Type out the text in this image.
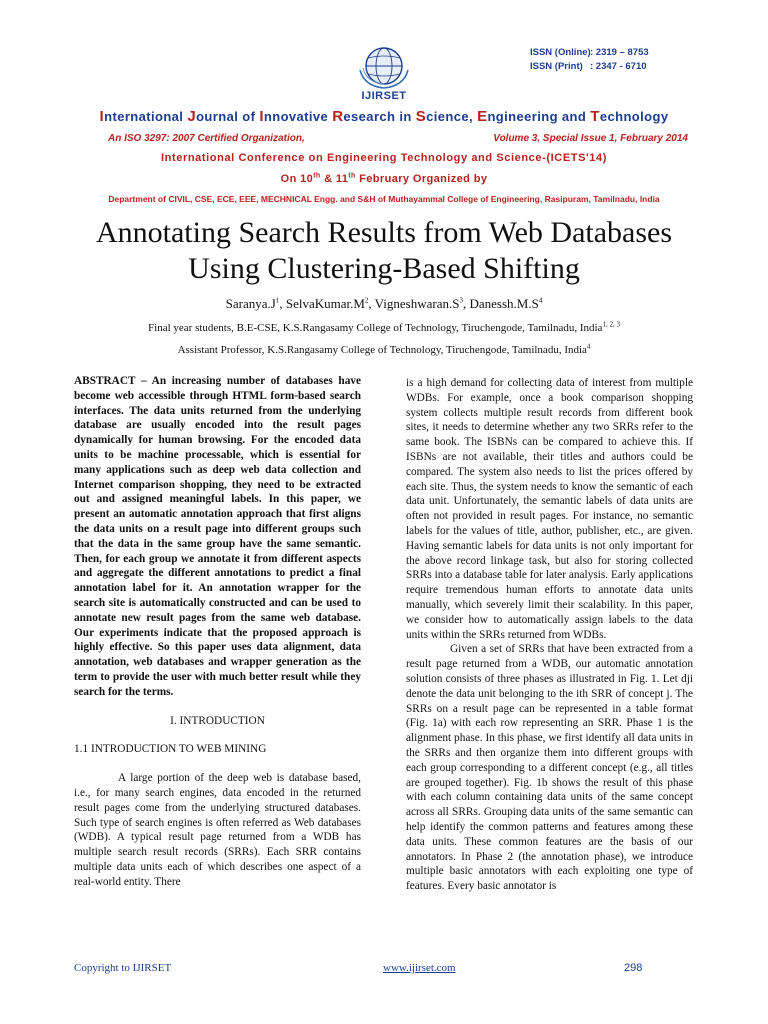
ISSN (Online) : 2319 – 8753
ISSN (Print) : 2347 - 6710
IJIRSET
International Journal of Innovative Research in Science, Engineering and Technology
An ISO 3297: 2007 Certified Organization,	Volume 3, Special Issue 1, February 2014
International Conference on Engineering Technology and Science-(ICETS'14)
On 10th & 11th February Organized by
Department of CIVIL, CSE, ECE, EEE, MECHNICAL Engg. and S&H of Muthayammal College of Engineering, Rasipuram, Tamilnadu, India
Annotating Search Results from Web Databases
Using Clustering-Based Shifting
$Saranya.J^1$, $SelvaKumar.M^2$, $Vigneshwaran.S^3$, $Danessh.M.S^4$
Final year students, B.E-CSE, K.S.Rangasamy College of Technology, Tiruchengode, Tamilnadu, India$^{1, 2, 3}$
Assistant Professor, K.S.Rangasamy College of Technology, Tiruchengode, Tamilnadu, India$^4$

ABSTRACT – An increasing number of databases have become web accessible through HTML form-based search interfaces. The data units returned from the underlying database are usually encoded into the result pages dynamically for human browsing. For the encoded data units to be machine processable, which is essential for many applications such as deep web data collection and Internet comparison shopping, they need to be extracted out and assigned meaningful labels. In this paper, we present an automatic annotation approach that first aligns the data units on a result page into different groups such that the data in the same group have the same semantic. Then, for each group we annotate it from different aspects and aggregate the different annotations to predict a final annotation label for it. An annotation wrapper for the search site is automatically constructed and can be used to annotate new result pages from the same web database. Our experiments indicate that the proposed approach is highly effective. So this paper uses data alignment, data annotation, web databases and wrapper generation as the term to provide the user with much better result while they search for the terms.

I. INTRODUCTION

1.1 INTRODUCTION TO WEB MINING

A large portion of the deep web is database based, i.e., for many search engines, data encoded in the returned result pages come from the underlying structured databases. Such type of search engines is often referred as Web databases (WDB). A typical result page returned from a WDB has multiple search result records (SRRs). Each SRR contains multiple data units each of which describes one aspect of a real-world entity. There

is a high demand for collecting data of interest from multiple WDBs. For example, once a book comparison shopping system collects multiple result records from different book sites, it needs to determine whether any two SRRs refer to the same book. The ISBNs can be compared to achieve this. If ISBNs are not available, their titles and authors could be compared. The system also needs to list the prices offered by each site. Thus, the system needs to know the semantic of each data unit. Unfortunately, the semantic labels of data units are often not provided in result pages. For instance, no semantic labels for the values of title, author, publisher, etc., are given. Having semantic labels for data units is not only important for the above record linkage task, but also for storing collected SRRs into a database table for later analysis. Early applications require tremendous human efforts to annotate data units manually, which severely limit their scalability. In this paper, we consider how to automatically assign labels to the data units within the SRRs returned from WDBs.

Given a set of SRRs that have been extracted from a result page returned from a WDB, our automatic annotation solution consists of three phases as illustrated in Fig. 1. Let dji denote the data unit belonging to the ith SRR of concept j. The SRRs on a result page can be represented in a table format (Fig. 1a) with each row representing an SRR. Phase 1 is the alignment phase. In this phase, we first identify all data units in the SRRs and then organize them into different groups with each group corresponding to a different concept (e.g., all titles are grouped together). Fig. 1b shows the result of this phase with each column containing data units of the same concept across all SRRs. Grouping data units of the same semantic can help identify the common patterns and features among these data units. These common features are the basis of our annotators. In Phase 2 (the annotation phase), we introduce multiple basic annotators with each exploiting one type of features. Every basic annotator is

Copyright to IJIRSET	www.ijirset.com	298
